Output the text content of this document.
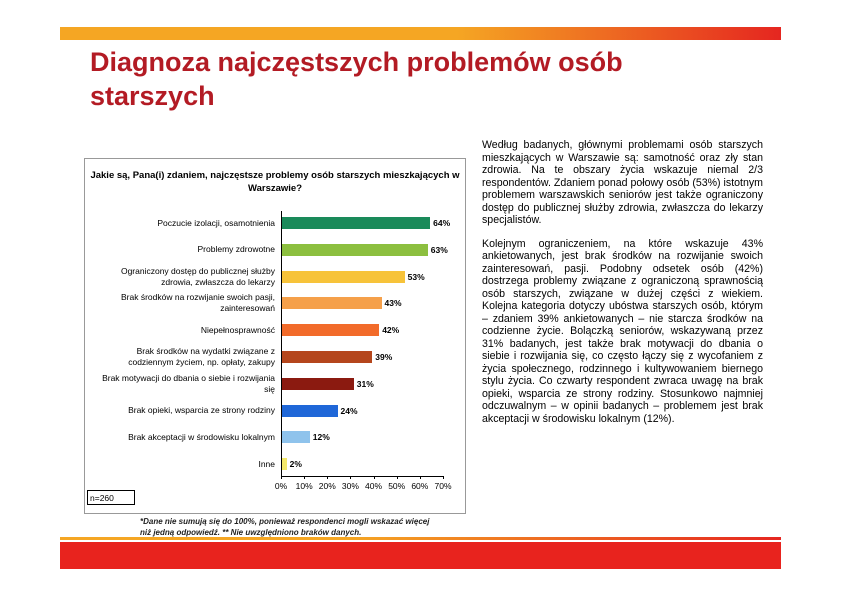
Diagnoza najczęstszych problemów osób starszych
Jakie są, Pana(i) zdaniem, najczęstsze problemy osób starszych mieszkających w Warszawie?
n=260
Poczucie izolacji, osamotnienia	64%
Problemy zdrowotne	63%
Ograniczony dostęp do publicznej służby zdrowia, zwłaszcza do lekarzy	53%
Brak środków na rozwijanie swoich pasji, zainteresowań	43%
Niepełnosprawność	42%
Brak środków na wydatki związane z codziennym życiem, np. opłaty, zakupy	39%
Brak motywacji do dbania o siebie i rozwijania się	31%
Brak opieki, wsparcia ze strony rodziny	24%
Brak akceptacji w środowisku lokalnym	12%
Inne 2%
0% 10% 20% 30% 40% 50% 60% 70%
*Dane nie sumują się do 100%, ponieważ respondenci mogli wskazać więcej niż jedną odpowiedź. ** Nie uwzględniono braków danych.

Według badanych, głównymi problemami osób starszych mieszkających w Warszawie są: samotność oraz zły stan zdrowia. Na te obszary życia wskazuje niemal 2/3 respondentów. Zdaniem ponad połowy osób (53%) istotnym problemem warszawskich seniorów jest także ograniczony dostęp do publicznej służby zdrowia, zwłaszcza do lekarzy specjalistów.

Kolejnym ograniczeniem, na które wskazuje 43% ankietowanych, jest brak środków na rozwijanie swoich zainteresowań, pasji. Podobny odsetek osób (42%) dostrzega problemy związane z ograniczoną sprawnością osób starszych, związane w dużej części z wiekiem. Kolejna kategoria dotyczy ubóstwa starszych osób, którym – zdaniem 39% ankietowanych – nie starcza środków na codzienne życie. Bolączką seniorów, wskazywaną przez 31% badanych, jest także brak motywacji do dbania o siebie i rozwijania się, co często łączy się z wycofaniem z życia społecznego, rodzinnego i kultywowaniem biernego stylu życia. Co czwarty respondent zwraca uwagę na brak opieki, wsparcia ze strony rodziny. Stosunkowo najmniej odczuwalnym – w opinii badanych – problemem jest brak akceptacji w środowisku lokalnym (12%).
